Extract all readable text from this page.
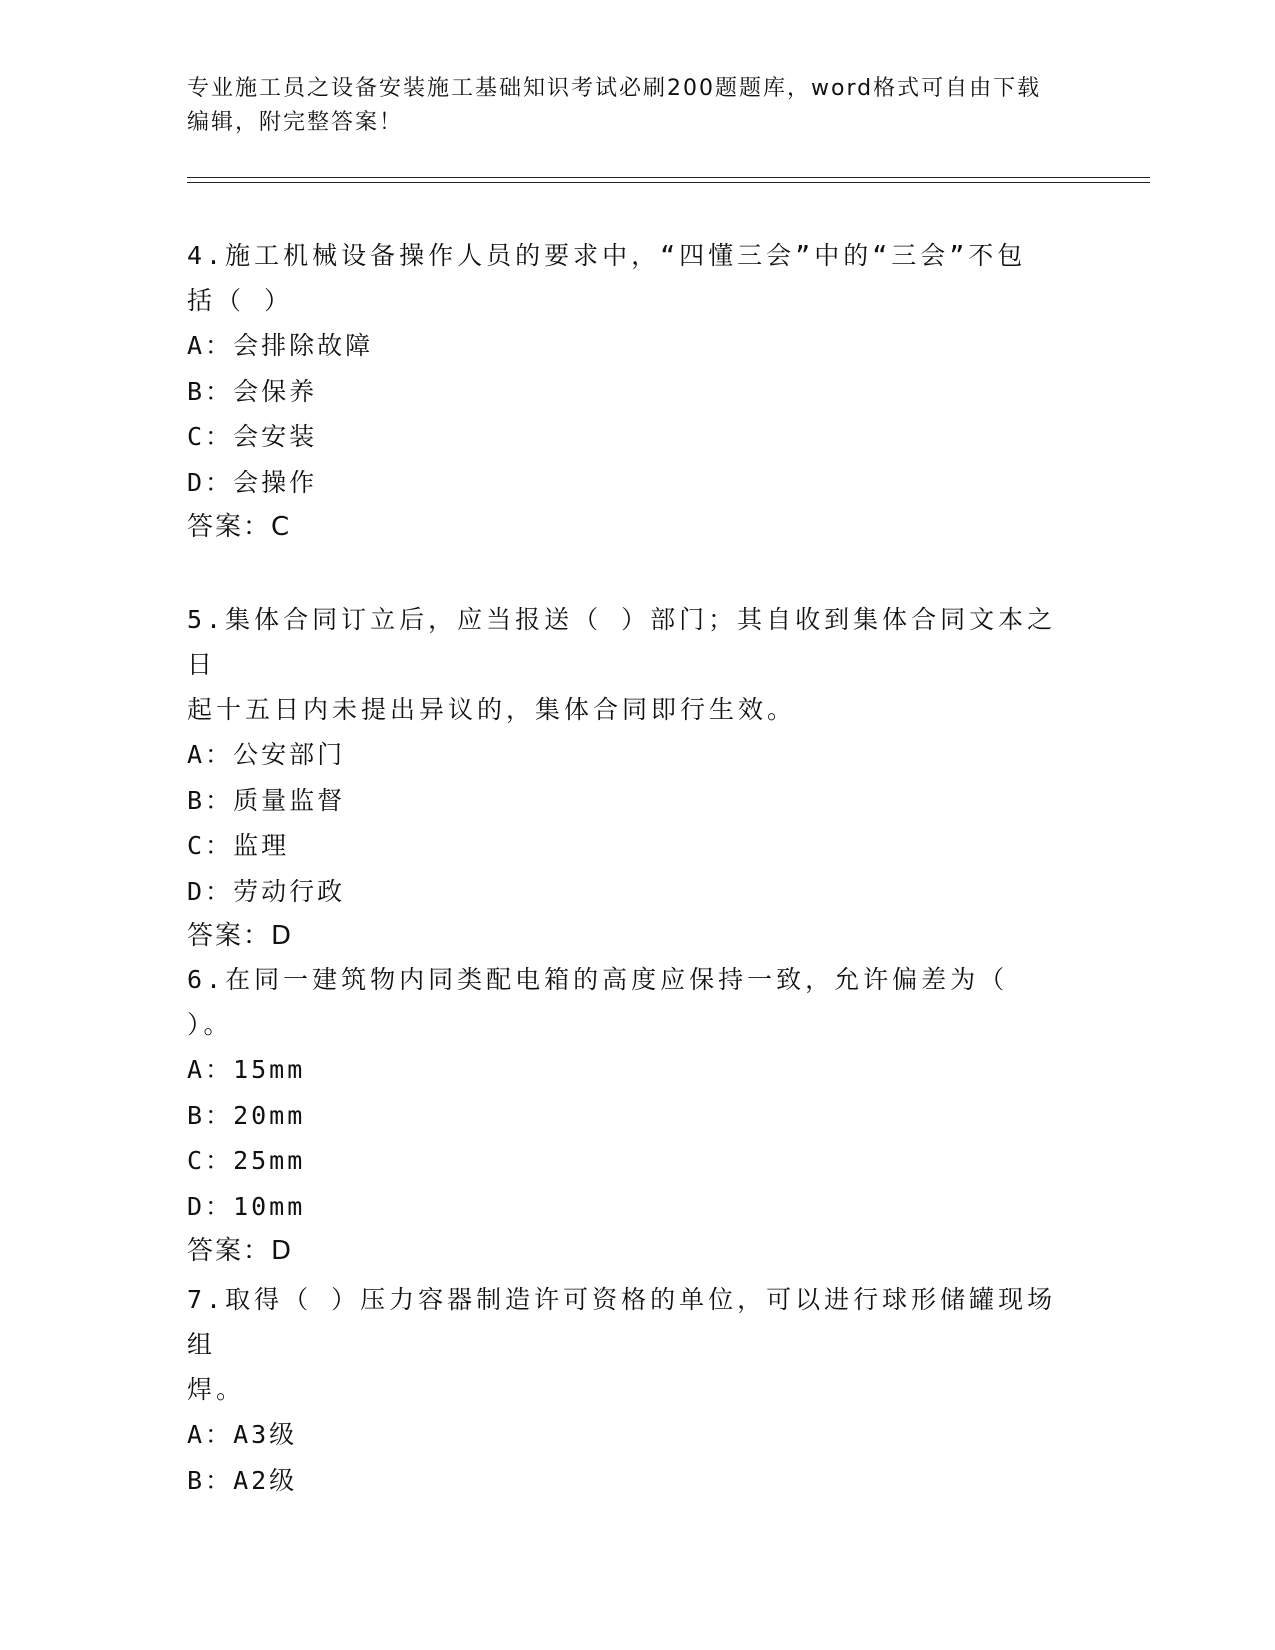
专业施工员之设备安装施工基础知识考试必刷200题题库，word格式可自由下载
编辑，附完整答案！

4.施工机械设备操作人员的要求中，“四懂三会”中的“三会”不包

括（ ）

A：会排除故障

B：会保养

C：会安装

D：会操作

答案：C

5.集体合同订立后，应当报送（ ）部门；其自收到集体合同文本之日

起十五日内未提出异议的，集体合同即行生效。

A：公安部门

B：质量监督

C：监理

D：劳动行政

答案：D

6.在同一建筑物内同类配电箱的高度应保持一致，允许偏差为（ ）。

A：15mm

B：20mm

C：25mm

D：10mm

答案：D

7.取得（ ）压力容器制造许可资格的单位，可以进行球形储罐现场组

焊。

A：A3级

B：A2级
